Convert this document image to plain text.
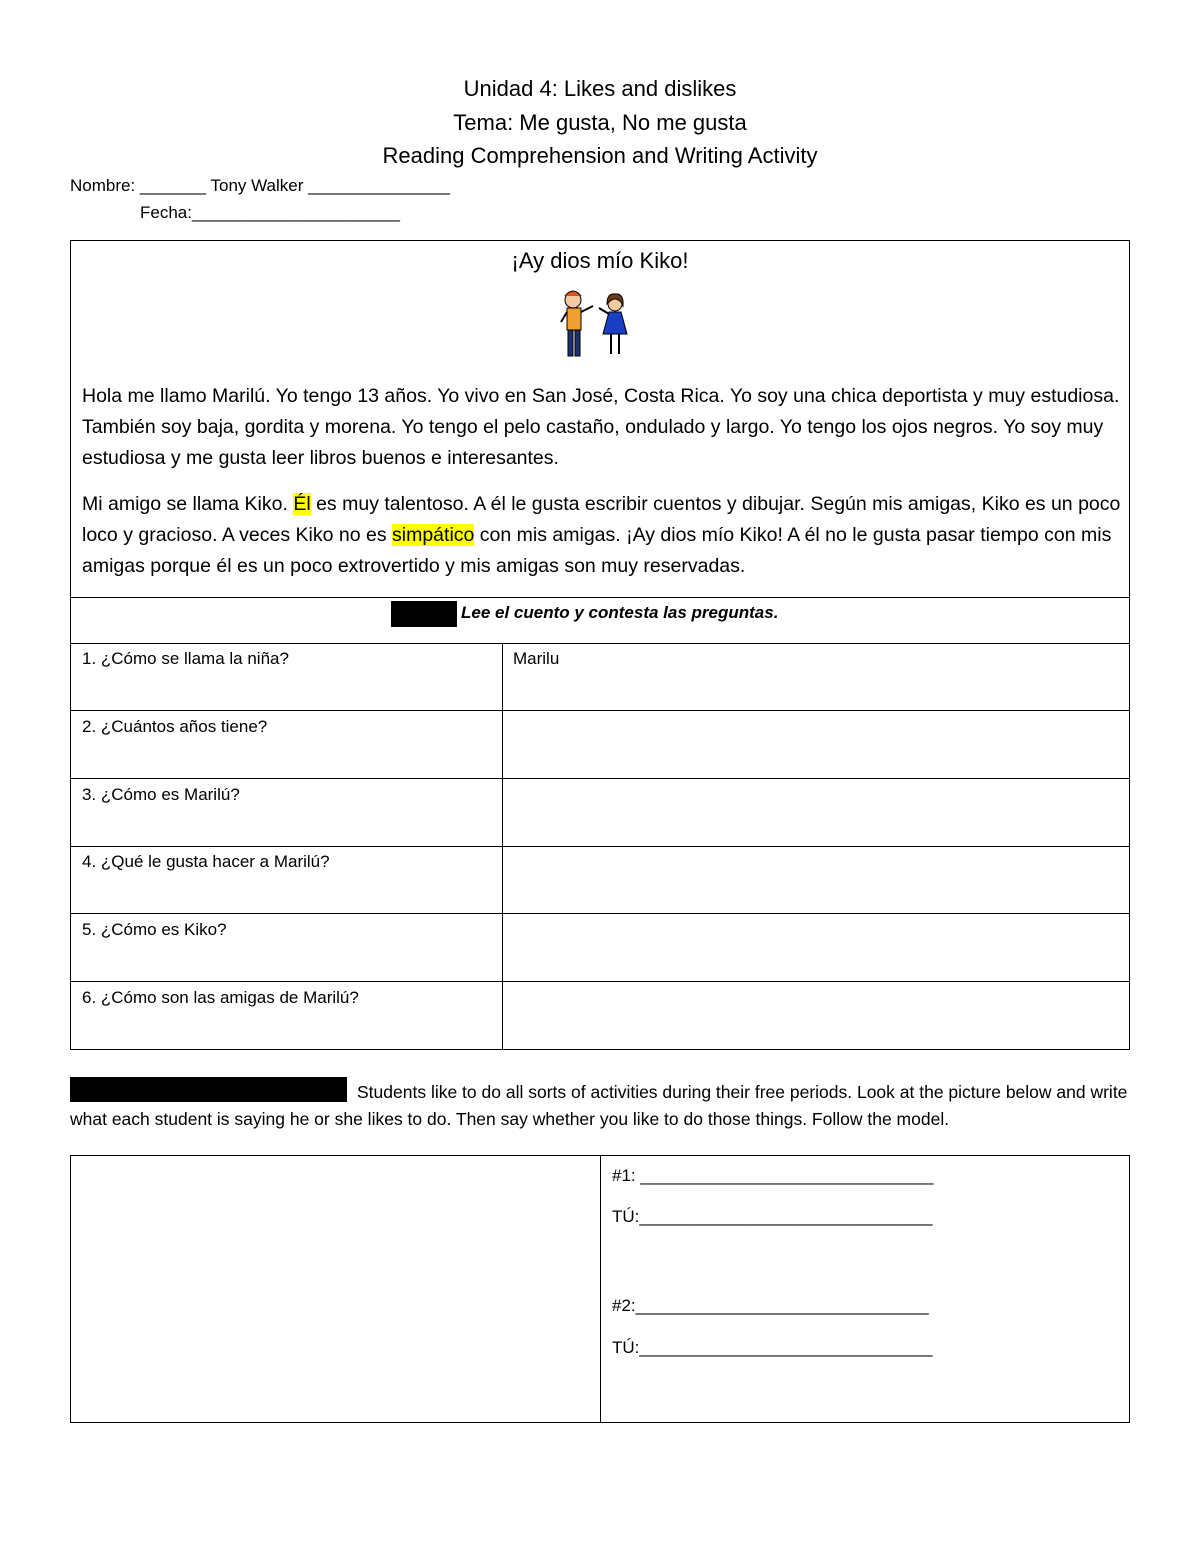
Unidad 4: Likes and dislikes
Tema: Me gusta, No me gusta
Reading Comprehension and Writing Activity
Nombre: _______ Tony Walker _______________
Fecha:______________________
¡Ay dios mío Kiko!
Hola me llamo Marilú. Yo tengo 13 años. Yo vivo en San José, Costa Rica. Yo soy una chica deportista y muy estudiosa. También soy baja, gordita y morena. Yo tengo el pelo castaño, ondulado y largo. Yo tengo los ojos negros. Yo soy muy estudiosa y me gusta leer libros buenos e interesantes.
Mi amigo se llama Kiko. Él es muy talentoso. A él le gusta escribir cuentos y dibujar. Según mis amigas, Kiko es un poco loco y gracioso. A veces Kiko no es simpático con mis amigas. ¡Ay dios mío Kiko! A él no le gusta pasar tiempo con mis amigas porque él es un poco extrovertido y mis amigas son muy reservadas.
Lee el cuento y contesta las preguntas.
1. ¿Cómo se llama la niña?	Marilu
2. ¿Cuántos años tiene?
3. ¿Cómo es Marilú?
4. ¿Qué le gusta hacer a Marilú?
5. ¿Cómo es Kiko?
6. ¿Cómo son las amigas de Marilú?
Students like to do all sorts of activities during their free periods. Look at the picture below and write what each student is saying he or she likes to do. Then say whether you like to do those things. Follow the model.
#1: _______________________________
TÚ:_______________________________
#2:_______________________________
TÚ:_______________________________
